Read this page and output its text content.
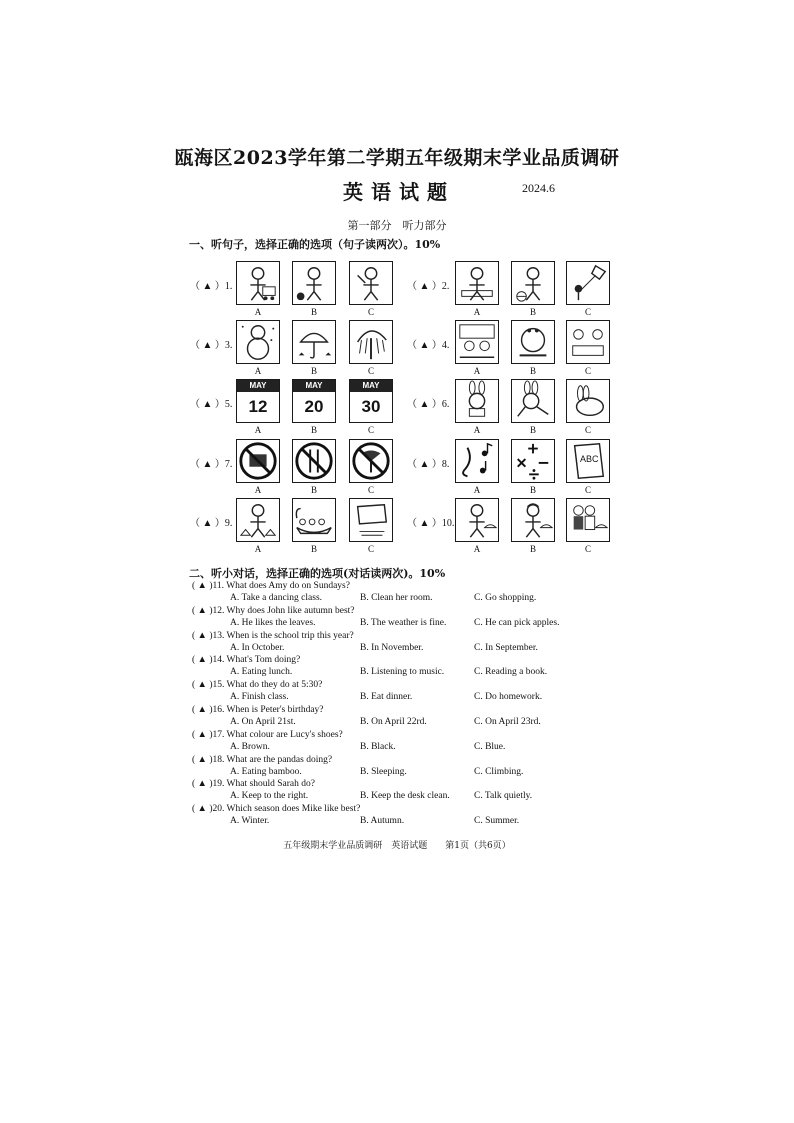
瓯海区2023学年第二学期五年级期末学业品质调研
英语试题	2024.6
第一部分　听力部分
一、听句子，选择正确的选项（句子读两次）。10%
（ ▲ ）1.
A	B	C
（ ▲ ）2.
A	B	C
（ ▲ ）3.
A	B	C
（ ▲ ）4.
A	B	C
（ ▲ ）5.
MAY
12
A
MAY
20
B
MAY
30
C
（ ▲ ）6.
A	B	C
（ ▲ ）7.
A	B	C
（ ▲ ）8.
A	B
ABC
C
（ ▲ ）9.
A	B	C
（ ▲ ）10.
A	B	C
二、听小对话，选择正确的选项(对话读两次)。10%
( ▲ )11. What does Amy do on Sundays?
A. Take a dancing class.	B. Clean her room.	C. Go shopping.
( ▲ )12. Why does John like autumn best?
A. He likes the leaves.	B. The weather is fine.	C. He can pick apples.
( ▲ )13. When is the school trip this year?
A. In October.	B. In November.	C. In September.
( ▲ )14. What's Tom doing?
A. Eating lunch.	B. Listening to music.	C. Reading a book.
( ▲ )15. What do they do at 5:30?
A. Finish class.	B. Eat dinner.	C. Do homework.
( ▲ )16. When is Peter's birthday?
A. On April 21st.	B. On April 22rd.	C. On April 23rd.
( ▲ )17. What colour are Lucy's shoes?
A. Brown.	B. Black.	C. Blue.
( ▲ )18. What are the pandas doing?
A. Eating bamboo.	B. Sleeping.	C. Climbing.
( ▲ )19. What should Sarah do?
A. Keep to the right.	B. Keep the desk clean.	C. Talk quietly.
( ▲ )20. Which season does Mike like best?
A. Winter.	B. Autumn.	C. Summer.
五年级期末学业品质调研　英语试题　　第1页（共6页）
